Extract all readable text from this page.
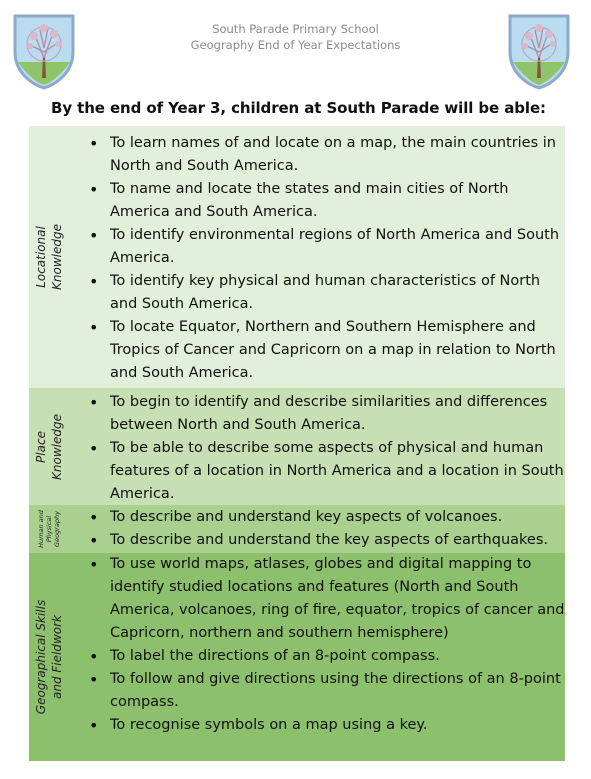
South Parade Primary School
Geography End of Year Expectations
By the end of Year 3, children at South Parade will be able:
Locational Knowledge
• To learn names of and locate on a map, the main countries in North and South America.
• To name and locate the states and main cities of North America and South America.
• To identify environmental regions of North America and South America.
• To identify key physical and human characteristics of North and South America.
• To locate Equator, Northern and Southern Hemisphere and Tropics of Cancer and Capricorn on a map in relation to North and South America.
Place Knowledge
• To begin to identify and describe similarities and differences between North and South America.
• To be able to describe some aspects of physical and human features of a location in North America and a location in South America.
Human and Physical Geography
•	To describe and understand key aspects of volcanoes.
• To describe and understand the key aspects of earthquakes.
Geographical Skills and Fieldwork
• To use world maps, atlases, globes and digital mapping to identify studied locations and features (North and South America, volcanoes, ring of fire, equator, tropics of cancer and Capricorn, northern and southern hemisphere)
• To label the directions of an 8-point compass.
• To follow and give directions using the directions of an 8-point compass.
• To recognise symbols on a map using a key.
